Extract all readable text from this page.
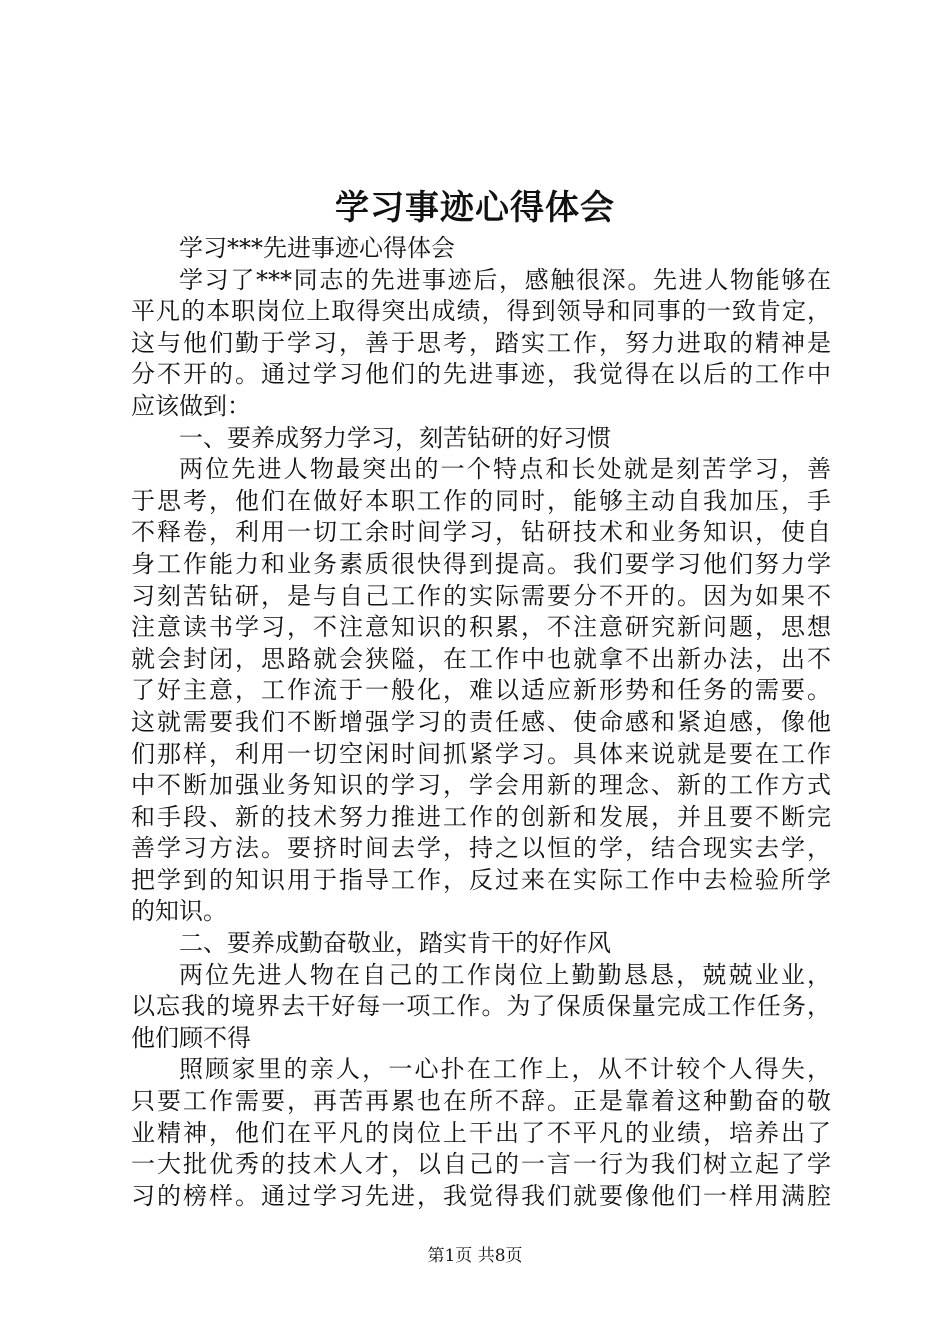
学习事迹心得体会
学习***先进事迹心得体会
学习了***同志的先进事迹后，感触很深。先进人物能够在
平凡的本职岗位上取得突出成绩，得到领导和同事的一致肯定，
这与他们勤于学习，善于思考，踏实工作，努力进取的精神是
分不开的。通过学习他们的先进事迹，我觉得在以后的工作中
应该做到：
一、要养成努力学习，刻苦钻研的好习惯
两位先进人物最突出的一个特点和长处就是刻苦学习，善
于思考，他们在做好本职工作的同时，能够主动自我加压，手
不释卷，利用一切工余时间学习，钻研技术和业务知识，使自
身工作能力和业务素质很快得到提高。我们要学习他们努力学
习刻苦钻研，是与自己工作的实际需要分不开的。因为如果不
注意读书学习，不注意知识的积累，不注意研究新问题，思想
就会封闭，思路就会狭隘，在工作中也就拿不出新办法，出不
了好主意，工作流于一般化，难以适应新形势和任务的需要。
这就需要我们不断增强学习的责任感、使命感和紧迫感，像他
们那样，利用一切空闲时间抓紧学习。具体来说就是要在工作
中不断加强业务知识的学习，学会用新的理念、新的工作方式
和手段、新的技术努力推进工作的创新和发展，并且要不断完
善学习方法。要挤时间去学，持之以恒的学，结合现实去学，
把学到的知识用于指导工作，反过来在实际工作中去检验所学
的知识。
二、要养成勤奋敬业，踏实肯干的好作风
两位先进人物在自己的工作岗位上勤勤恳恳，兢兢业业，
以忘我的境界去干好每一项工作。为了保质保量完成工作任务，
他们顾不得
照顾家里的亲人，一心扑在工作上，从不计较个人得失，
只要工作需要，再苦再累也在所不辞。正是靠着这种勤奋的敬
业精神，他们在平凡的岗位上干出了不平凡的业绩，培养出了
一大批优秀的技术人才，以自己的一言一行为我们树立起了学
习的榜样。通过学习先进，我觉得我们就要像他们一样用满腔
第1页 共8页
